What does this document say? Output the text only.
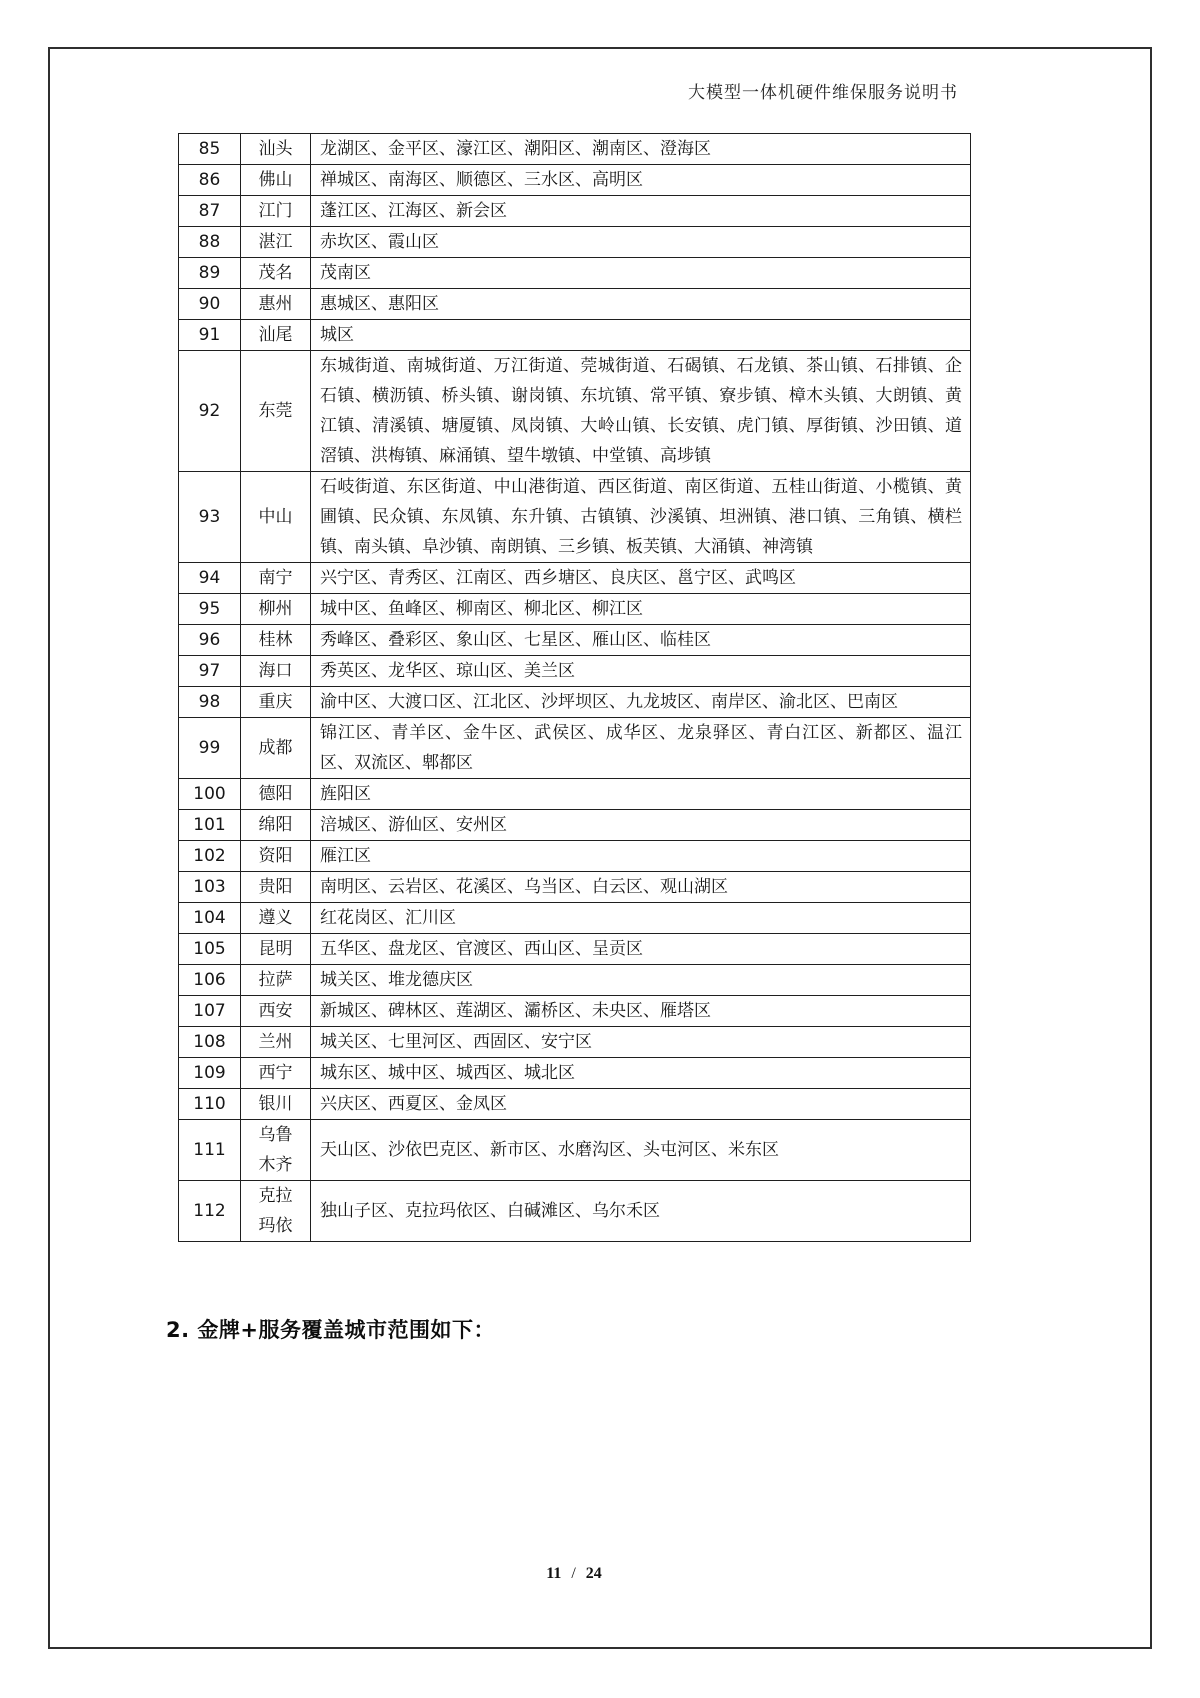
大模型一体机硬件维保服务说明书
85	汕头	龙湖区、金平区、濠江区、潮阳区、潮南区、澄海区
86	佛山	禅城区、南海区、顺德区、三水区、高明区
87	江门	蓬江区、江海区、新会区
88	湛江	赤坎区、霞山区
89	茂名	茂南区
90	惠州	惠城区、惠阳区
91	汕尾	城区
92	东莞	东城街道、南城街道、万江街道、莞城街道、石碣镇、石龙镇、茶山镇、石排镇、企石镇、横沥镇、桥头镇、谢岗镇、东坑镇、常平镇、寮步镇、樟木头镇、大朗镇、黄江镇、清溪镇、塘厦镇、凤岗镇、大岭山镇、长安镇、虎门镇、厚街镇、沙田镇、道滘镇、洪梅镇、麻涌镇、望牛墩镇、中堂镇、高埗镇
93	中山	石岐街道、东区街道、中山港街道、西区街道、南区街道、五桂山街道、小榄镇、黄圃镇、民众镇、东凤镇、东升镇、古镇镇、沙溪镇、坦洲镇、港口镇、三角镇、横栏镇、南头镇、阜沙镇、南朗镇、三乡镇、板芙镇、大涌镇、神湾镇
94	南宁	兴宁区、青秀区、江南区、西乡塘区、良庆区、邕宁区、武鸣区
95	柳州	城中区、鱼峰区、柳南区、柳北区、柳江区
96	桂林	秀峰区、叠彩区、象山区、七星区、雁山区、临桂区
97	海口	秀英区、龙华区、琼山区、美兰区
98	重庆	渝中区、大渡口区、江北区、沙坪坝区、九龙坡区、南岸区、渝北区、巴南区
99	成都	锦江区、青羊区、金牛区、武侯区、成华区、龙泉驿区、青白江区、新都区、温江区、双流区、郫都区
100	德阳	旌阳区
101	绵阳	涪城区、游仙区、安州区
102	资阳	雁江区
103	贵阳	南明区、云岩区、花溪区、乌当区、白云区、观山湖区
104	遵义	红花岗区、汇川区
105	昆明	五华区、盘龙区、官渡区、西山区、呈贡区
106	拉萨	城关区、堆龙德庆区
107	西安	新城区、碑林区、莲湖区、灞桥区、未央区、雁塔区
108	兰州	城关区、七里河区、西固区、安宁区
109	西宁	城东区、城中区、城西区、城北区
110	银川	兴庆区、西夏区、金凤区
111	乌鲁木齐	天山区、沙依巴克区、新市区、水磨沟区、头屯河区、米东区
112	克拉玛依	独山子区、克拉玛依区、白碱滩区、乌尔禾区
2. 金牌+服务覆盖城市范围如下：
11 / 24
